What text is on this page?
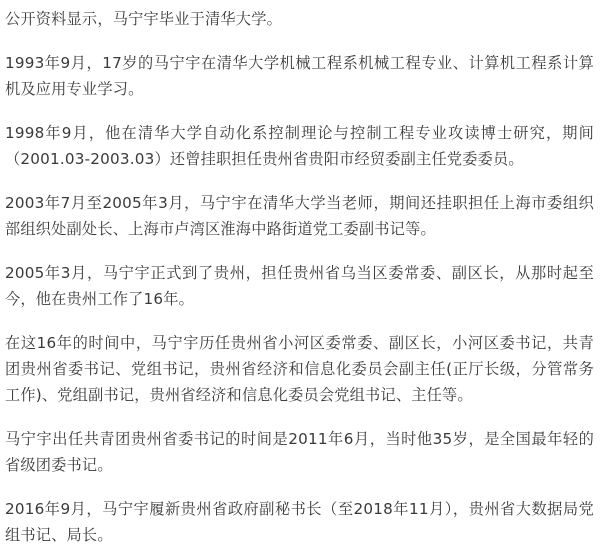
公开资料显示，马宁宇毕业于清华大学。

1993年9月，17岁的马宁宇在清华大学机械工程系机械工程专业、计算机工程系计算机及应用专业学习。

1998年9月，他在清华大学自动化系控制理论与控制工程专业攻读博士研究，期间（2001.03-2003.03）还曾挂职担任贵州省贵阳市经贸委副主任党委委员。

2003年7月至2005年3月，马宁宇在清华大学当老师，期间还挂职担任上海市委组织部组织处副处长、上海市卢湾区淮海中路街道党工委副书记等。

2005年3月，马宁宇正式到了贵州，担任贵州省乌当区委常委、副区长，从那时起至今，他在贵州工作了16年。

在这16年的时间中，马宁宇历任贵州省小河区委常委、副区长，小河区委书记，共青团贵州省委书记、党组书记，贵州省经济和信息化委员会副主任(正厅长级，分管常务工作)、党组副书记，贵州省经济和信息化委员会党组书记、主任等。

马宁宇出任共青团贵州省委书记的时间是2011年6月，当时他35岁，是全国最年轻的省级团委书记。

2016年9月，马宁宇履新贵州省政府副秘书长（至2018年11月），贵州省大数据局党组书记、局长。
